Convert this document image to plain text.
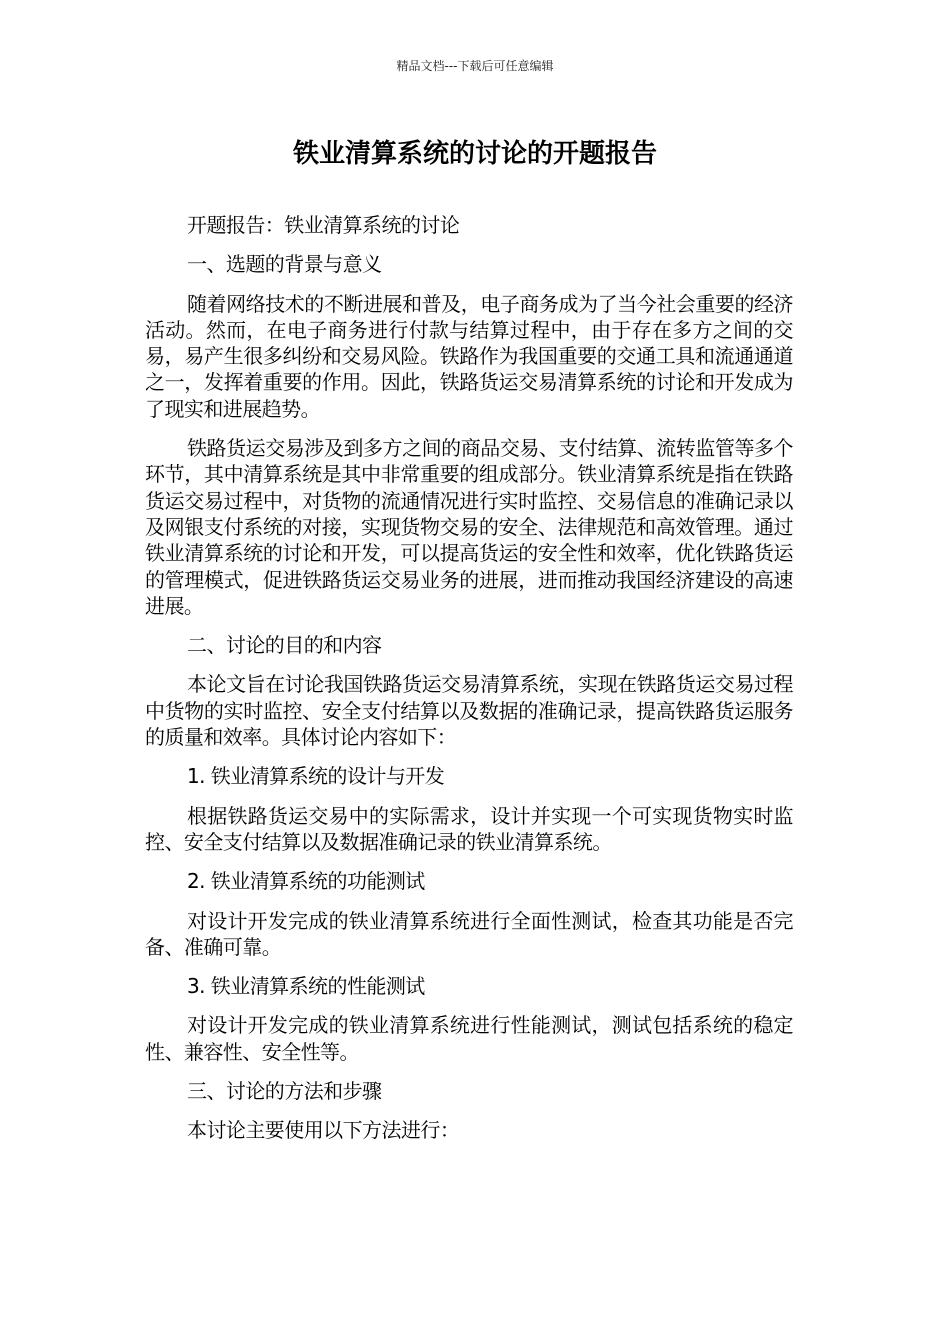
精品文档---下载后可任意编辑
铁业清算系统的讨论的开题报告

开题报告：铁业清算系统的讨论

一、选题的背景与意义

随着网络技术的不断进展和普及，电子商务成为了当今社会重要的经济活动。然而，在电子商务进行付款与结算过程中，由于存在多方之间的交易，易产生很多纠纷和交易风险。铁路作为我国重要的交通工具和流通通道之一，发挥着重要的作用。因此，铁路货运交易清算系统的讨论和开发成为了现实和进展趋势。

铁路货运交易涉及到多方之间的商品交易、支付结算、流转监管等多个环节，其中清算系统是其中非常重要的组成部分。铁业清算系统是指在铁路货运交易过程中，对货物的流通情况进行实时监控、交易信息的准确记录以及网银支付系统的对接，实现货物交易的安全、法律规范和高效管理。通过铁业清算系统的讨论和开发，可以提高货运的安全性和效率，优化铁路货运的管理模式，促进铁路货运交易业务的进展，进而推动我国经济建设的高速进展。

二、讨论的目的和内容

本论文旨在讨论我国铁路货运交易清算系统，实现在铁路货运交易过程中货物的实时监控、安全支付结算以及数据的准确记录，提高铁路货运服务的质量和效率。具体讨论内容如下：

1. 铁业清算系统的设计与开发

根据铁路货运交易中的实际需求，设计并实现一个可实现货物实时监控、安全支付结算以及数据准确记录的铁业清算系统。

2. 铁业清算系统的功能测试

对设计开发完成的铁业清算系统进行全面性测试，检查其功能是否完备、准确可靠。

3. 铁业清算系统的性能测试

对设计开发完成的铁业清算系统进行性能测试，测试包括系统的稳定性、兼容性、安全性等。

三、讨论的方法和步骤

本讨论主要使用以下方法进行：
